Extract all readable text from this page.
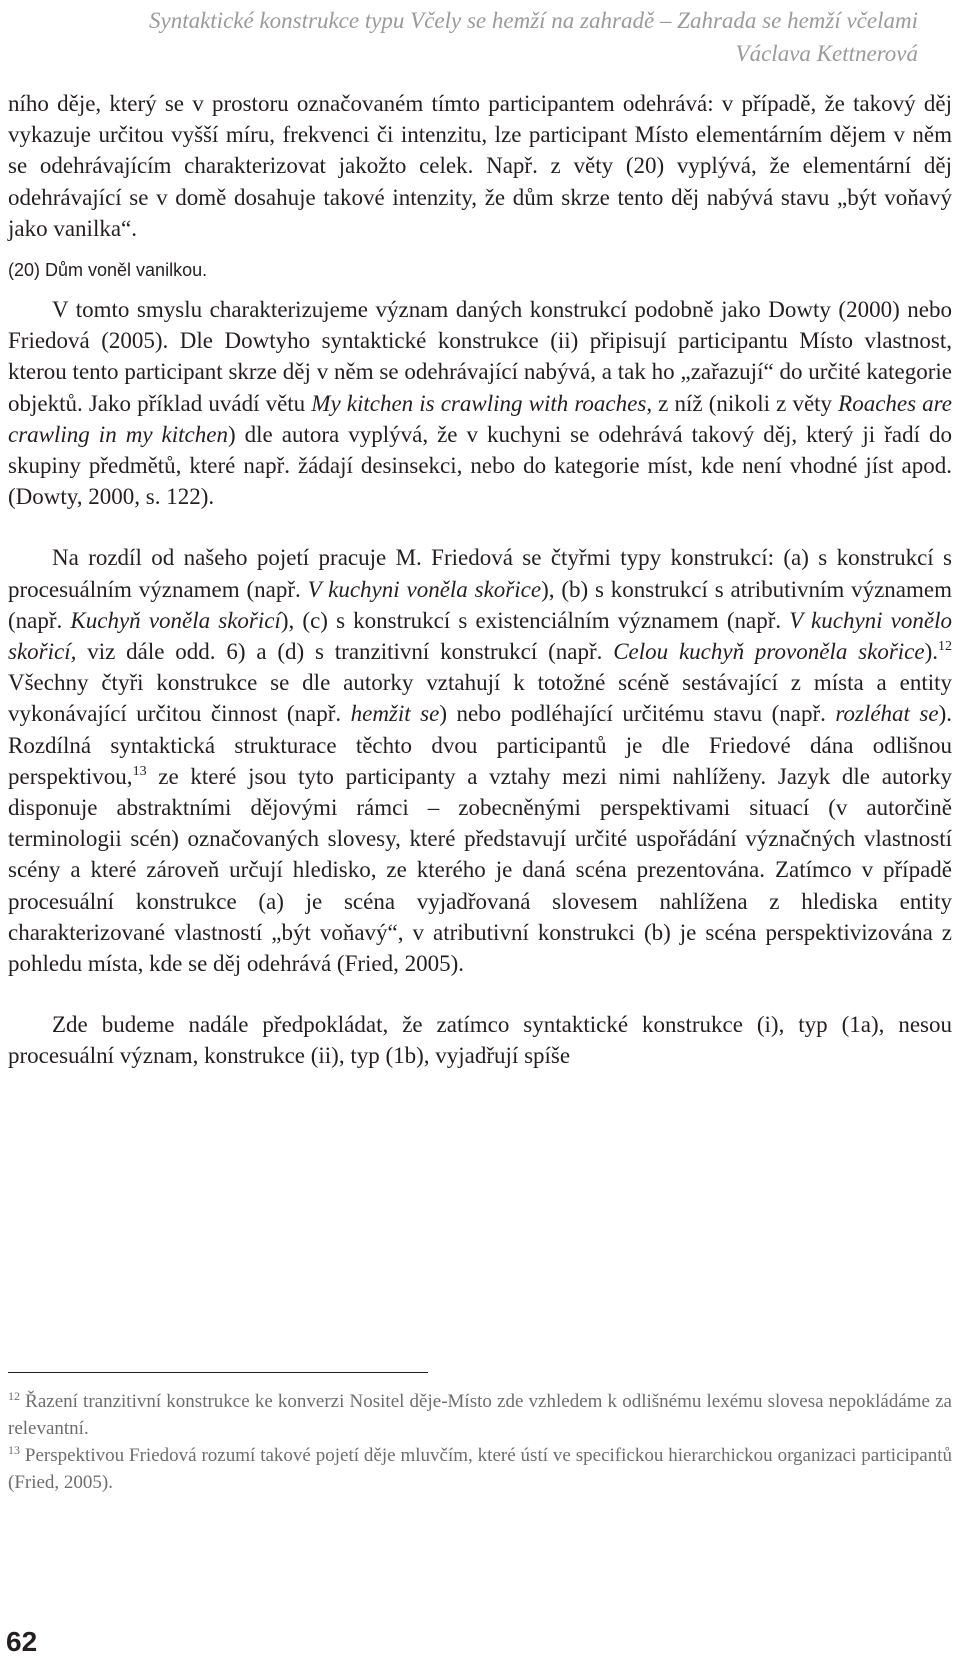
Syntaktické konstrukce typu Včely se hemží na zahradě – Zahrada se hemží včelami
Václava Kettnerová

ního děje, který se v prostoru označovaném tímto participantem odehrává: v případě, že takový děj vykazuje určitou vyšší míru, frekvenci či intenzitu, lze participant Místo elementárním dějem v něm se odehrávajícím charakterizovat jakožto celek. Např. z věty (20) vyplývá, že elementární děj odehrávající se v domě dosahuje takové intenzity, že dům skrze tento děj nabývá stavu „být voňavý jako vanilka“.

(20) Dům voněl vanilkou.

V tomto smyslu charakterizujeme význam daných konstrukcí podobně jako Dowty (2000) nebo Friedová (2005). Dle Dowtyho syntaktické konstrukce (ii) připisují participantu Místo vlastnost, kterou tento participant skrze děj v něm se odehrávající nabývá, a tak ho „zařazují“ do určité kategorie objektů. Jako příklad uvádí větu My kitchen is crawling with roaches, z níž (nikoli z věty Roaches are crawling in my kitchen) dle autora vyplývá, že v kuchyni se odehrává takový děj, který ji řadí do skupiny předmětů, které např. žádají desinsekci, nebo do kategorie míst, kde není vhodné jíst apod. (Dowty, 2000, s. 122).

Na rozdíl od našeho pojetí pracuje M. Friedová se čtyřmi typy konstrukcí: (a) s konstrukcí s procesuálním významem (např. V kuchyni voněla skořice), (b) s konstrukcí s atributivním významem (např. Kuchyň voněla skořicí), (c) s konstrukcí s existenciálním významem (např. V kuchyni vonělo skořicí, viz dále odd. 6) a (d) s tranzitivní konstrukcí (např. Celou kuchyň provoněla skořice).$^{12}$ Všechny čtyři konstrukce se dle autorky vztahují k totožné scéně sestávající z místa a entity vykonávající určitou činnost (např. hemžit se) nebo podléhající určitému stavu (např. rozléhat se). Rozdílná syntaktická strukturace těchto dvou participantů je dle Friedové dána odlišnou perspektivou,$^{13}$ ze které jsou tyto participanty a vztahy mezi nimi nahlíženy. Jazyk dle autorky disponuje abstraktními dějovými rámci – zobecněnými perspektivami situací (v autorčině terminologii scén) označovaných slovesy, které představují určité uspořádání význačných vlastností scény a které zároveň určují hledisko, ze kterého je daná scéna prezentována. Zatímco v případě procesuální konstrukce (a) je scéna vyjadřovaná slovesem nahlížena z hlediska entity charakterizované vlastností „být voňavý“, v atributivní konstrukci (b) je scéna perspektivizována z pohledu místa, kde se děj odehrává (Fried, 2005).

Zde budeme nadále předpokládat, že zatímco syntaktické konstrukce (i), typ (1a), nesou procesuální význam, konstrukce (ii), typ (1b), vyjadřují spíše

$^{12}$ Řazení tranzitivní konstrukce ke konverzi Nositel děje-Místo zde vzhledem k odlišnému lexému slovesa nepokládáme za relevantní.

$^{13}$ Perspektivou Friedová rozumí takové pojetí děje mluvčím, které ústí ve specifickou hierarchickou organizaci participantů (Fried, 2005).

62
